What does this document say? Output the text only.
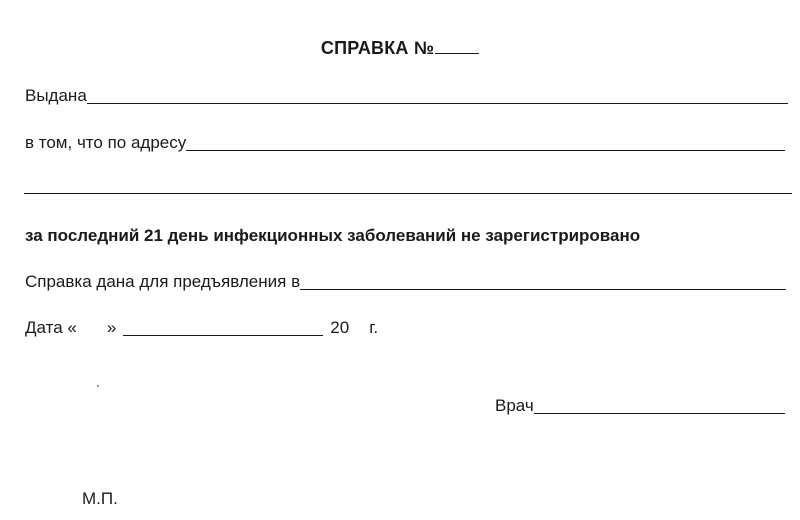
СПРАВКА №
Выдана
в том, что по адресу
за последний 21 день инфекционных заболеваний не зарегистрировано
Справка дана для предъявления в
Дата « »	20 г.
Врач
М.П.
